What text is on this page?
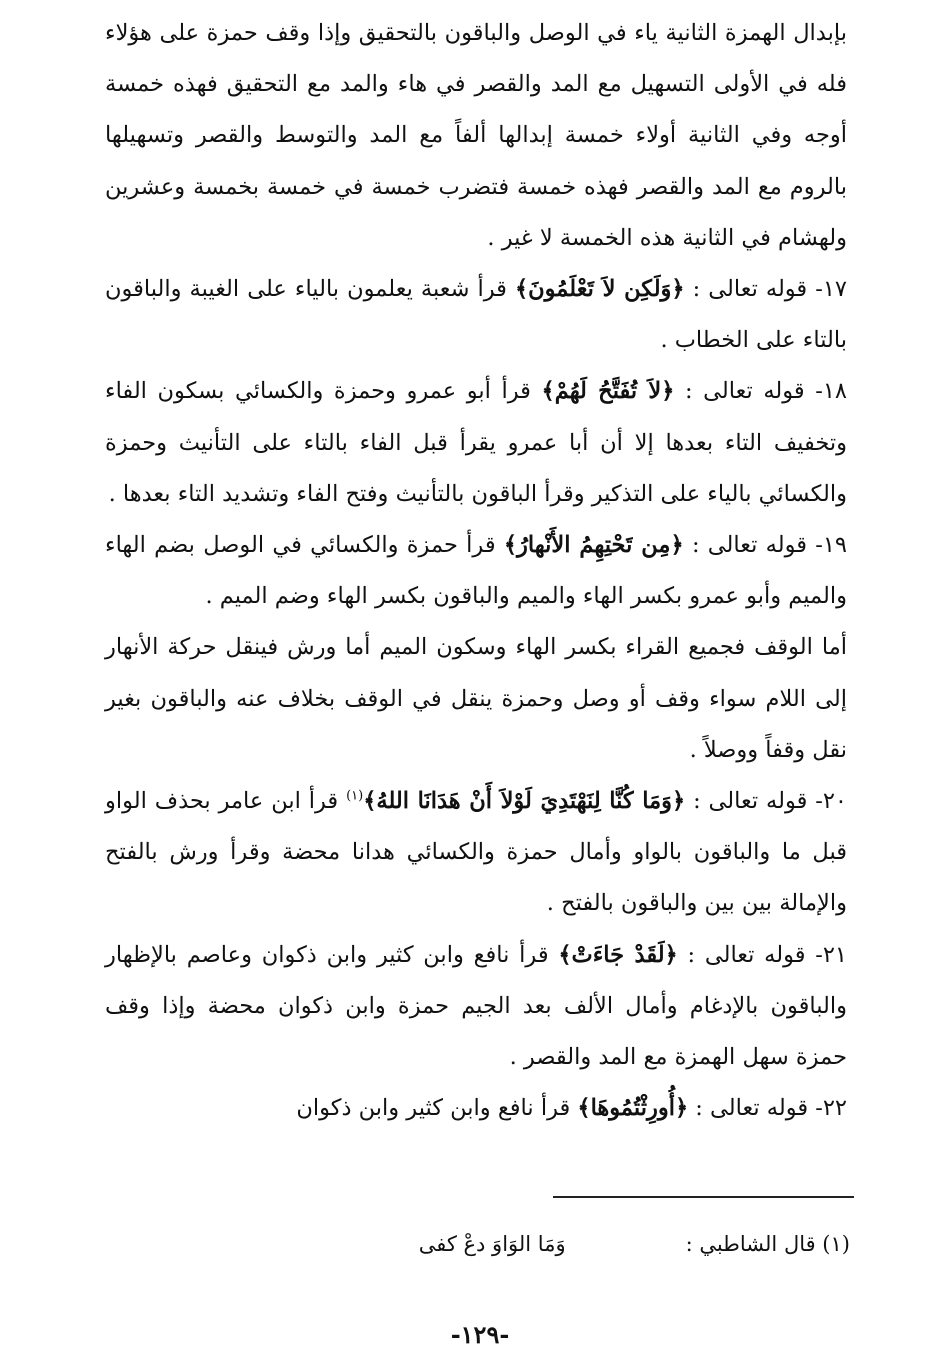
بإبدال الهمزة الثانية ياء في الوصل والباقون بالتحقيق وإذا وقف حمزة على هؤلاء فله في الأولى التسهيل مع المد والقصر في هاء والمد مع التحقيق فهذه خمسة أوجه وفي الثانية أولاء خمسة إبدالها ألفاً مع المد والتوسط والقصر وتسهيلها بالروم مع المد والقصر فهذه خمسة فتضرب خمسة في خمسة بخمسة وعشرين ولهشام في الثانية هذه الخمسة لا غير .

١٧- قوله تعالى : ﴿وَلَكِن لاَ تَعْلَمُونَ﴾ قرأ شعبة يعلمون بالياء على الغيبة والباقون بالتاء على الخطاب .

١٨- قوله تعالى : ﴿لاَ تُفَتَّحُ لَهُمْ﴾ قرأ أبو عمرو وحمزة والكسائي بسكون الفاء وتخفيف التاء بعدها إلا أن أبا عمرو يقرأ قبل الفاء بالتاء على التأنيث وحمزة والكسائي بالياء على التذكير وقرأ الباقون بالتأنيث وفتح الفاء وتشديد التاء بعدها .

١٩- قوله تعالى : ﴿مِن تَحْتِهِمُ الأَنْهارُ﴾ قرأ حمزة والكسائي في الوصل بضم الهاء والميم وأبو عمرو بكسر الهاء والميم والباقون بكسر الهاء وضم الميم .

أما الوقف فجميع القراء بكسر الهاء وسكون الميم أما ورش فينقل حركة الأنهار إلى اللام سواء وقف أو وصل وحمزة ينقل في الوقف بخلاف عنه والباقون بغير نقل وقفاً ووصلاً .

٢٠- قوله تعالى : ﴿وَمَا كُنَّا لِنَهْتَدِيَ لَوْلاَ أَنْ هَدَانَا اللهُ﴾$^{(١)}$ قرأ ابن عامر بحذف الواو قبل ما والباقون بالواو وأمال حمزة والكسائي هدانا محضة وقرأ ورش بالفتح والإمالة بين بين والباقون بالفتح .

٢١- قوله تعالى : ﴿لَقَدْ جَاءَتْ﴾ قرأ نافع وابن كثير وابن ذكوان وعاصم بالإظهار والباقون بالإدغام وأمال الألف بعد الجيم حمزة وابن ذكوان محضة وإذا وقف حمزة سهل الهمزة مع المد والقصر .

٢٢- قوله تعالى : ﴿أُورِثْتُمُوهَا﴾ قرأ نافع وابن كثير وابن ذكوان

(١) قال الشاطبي :وَمَا الوَاوَ دعْ كفى
-١٢٩-
